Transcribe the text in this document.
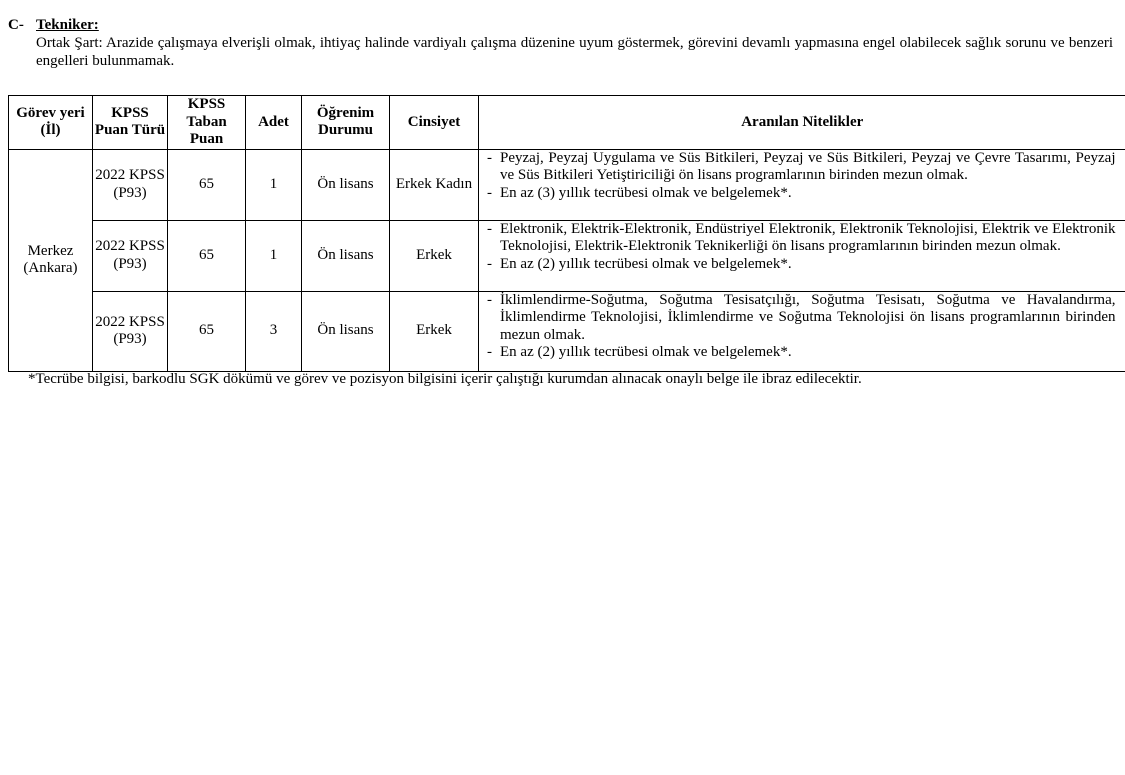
C- Tekniker:
Ortak Şart: Arazide çalışmaya elverişli olmak, ihtiyaç halinde vardiyalı çalışma düzenine uyum göstermek, görevini devamlı yapmasına engel olabilecek sağlık sorunu ve benzeri engelleri bulunmamak.
Görev yeri (İl)	KPSS Puan Türü	KPSS Taban Puan	Adet	Öğrenim Durumu	Cinsiyet	Aranılan Nitelikler
Merkez (Ankara)	2022 KPSS (P93)	65	1	Ön lisans	Erkek Kadın	- Peyzaj, Peyzaj Uygulama ve Süs Bitkileri, Peyzaj ve Süs Bitkileri, Peyzaj ve Çevre Tasarımı, Peyzaj ve Süs Bitkileri Yetiştiriciliği ön lisans programlarının birinden mezun olmak.
- En az (3) yıllık tecrübesi olmak ve belgelemek*.

	2022 KPSS (P93)	65	1	Ön lisans	Erkek	- Elektronik, Elektrik-Elektronik, Endüstriyel Elektronik, Elektronik Teknolojisi, Elektrik ve Elektronik Teknolojisi, Elektrik-Elektronik Teknikerliği ön lisans programlarının birinden mezun olmak.
- En az (2) yıllık tecrübesi olmak ve belgelemek*.

	2022 KPSS (P93)	65	3	Ön lisans	Erkek	- İklimlendirme-Soğutma, Soğutma Tesisatçılığı, Soğutma Tesisatı, Soğutma ve Havalandırma, İklimlendirme Teknolojisi, İklimlendirme ve Soğutma Teknolojisi ön lisans programlarının birinden mezun olmak.
- En az (2) yıllık tecrübesi olmak ve belgelemek*.
*Tecrübe bilgisi, barkodlu SGK dökümü ve görev ve pozisyon bilgisini içerir çalıştığı kurumdan alınacak onaylı belge ile ibraz edilecektir.
